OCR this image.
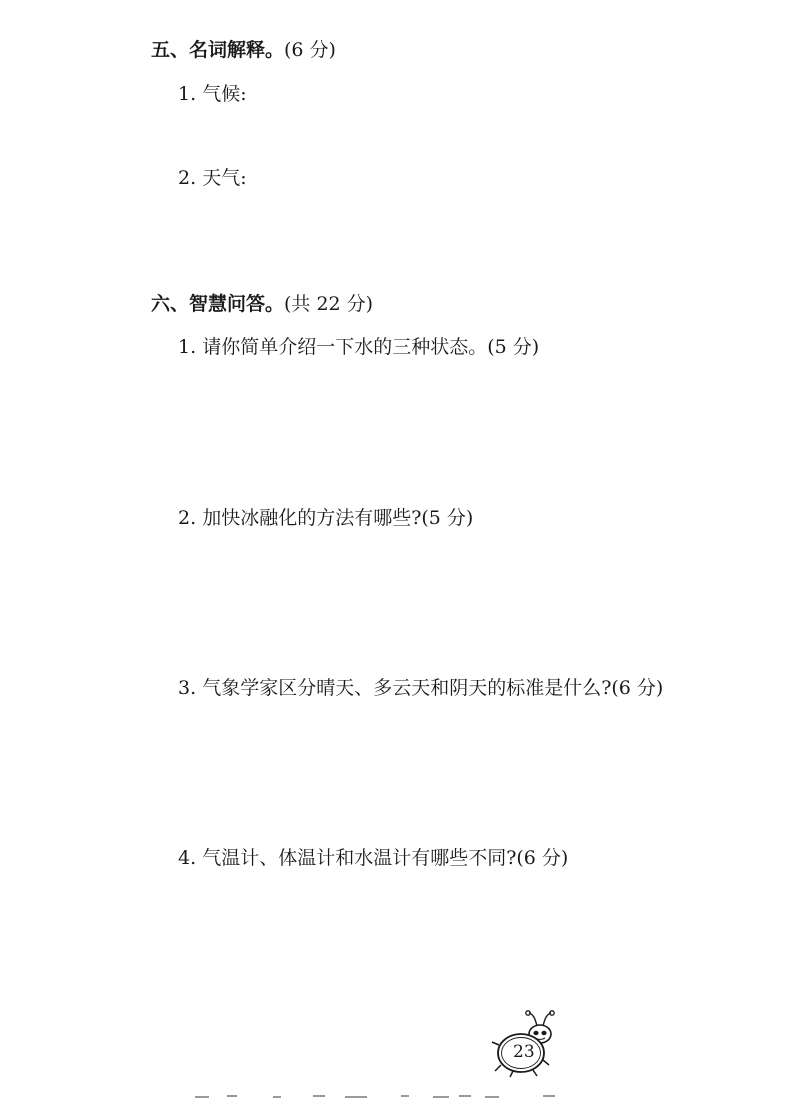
五、名词解释。(6 分)
1. 气候:
2. 天气:
六、智慧问答。(共 22 分)
1. 请你简单介绍一下水的三种状态。(5 分)
2. 加快冰融化的方法有哪些?(5 分)
3. 气象学家区分晴天、多云天和阴天的标准是什么?(6 分)
4. 气温计、体温计和水温计有哪些不同?(6 分)
23
